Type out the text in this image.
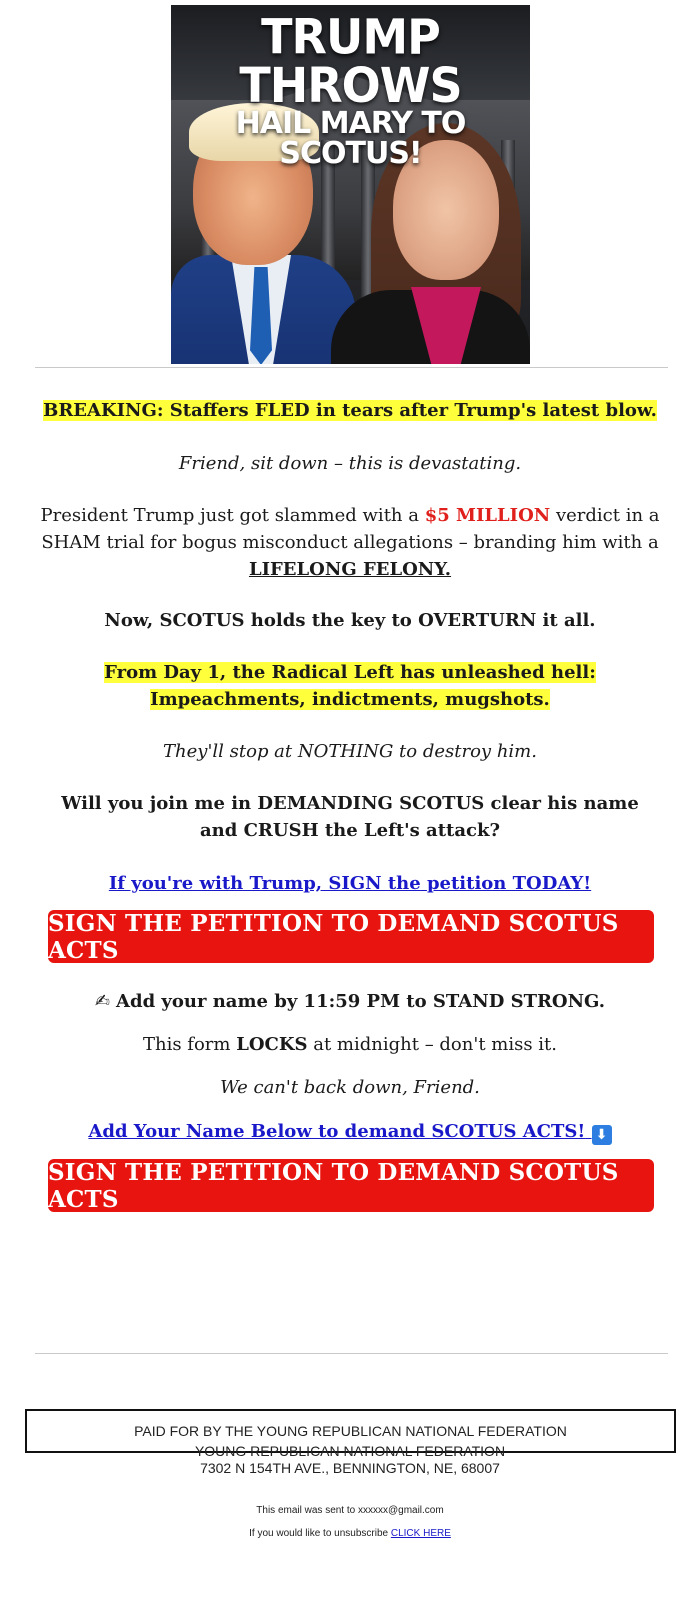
TRUMP THROWS
HAIL MARY TO SCOTUS!

BREAKING: Staffers FLED in tears after Trump's latest blow.

Friend, sit down – this is devastating.

President Trump just got slammed with a $5 MILLION verdict in a SHAM trial for bogus misconduct allegations – branding him with a LIFELONG FELONY.

Now, SCOTUS holds the key to OVERTURN it all.

From Day 1, the Radical Left has unleashed hell: Impeachments, indictments, mugshots.

They'll stop at NOTHING to destroy him.

Will you join me in DEMANDING SCOTUS clear his name and CRUSH the Left's attack?

If you're with Trump, SIGN the petition TODAY!

SIGN THE PETITION TO DEMAND SCOTUS ACTS

✍ Add your name by 11:59 PM to STAND STRONG.

This form LOCKS at midnight – don't miss it.

We can't back down, Friend.

Add Your Name Below to demand SCOTUS ACTS! ⬇

SIGN THE PETITION TO DEMAND SCOTUS ACTS
PAID FOR BY THE YOUNG REPUBLICAN NATIONAL FEDERATION
YOUNG REPUBLICAN NATIONAL FEDERATION
7302 N 154TH AVE., BENNINGTON, NE, 68007
This email was sent to xxxxxx@gmail.com
If you would like to unsubscribe CLICK HERE
